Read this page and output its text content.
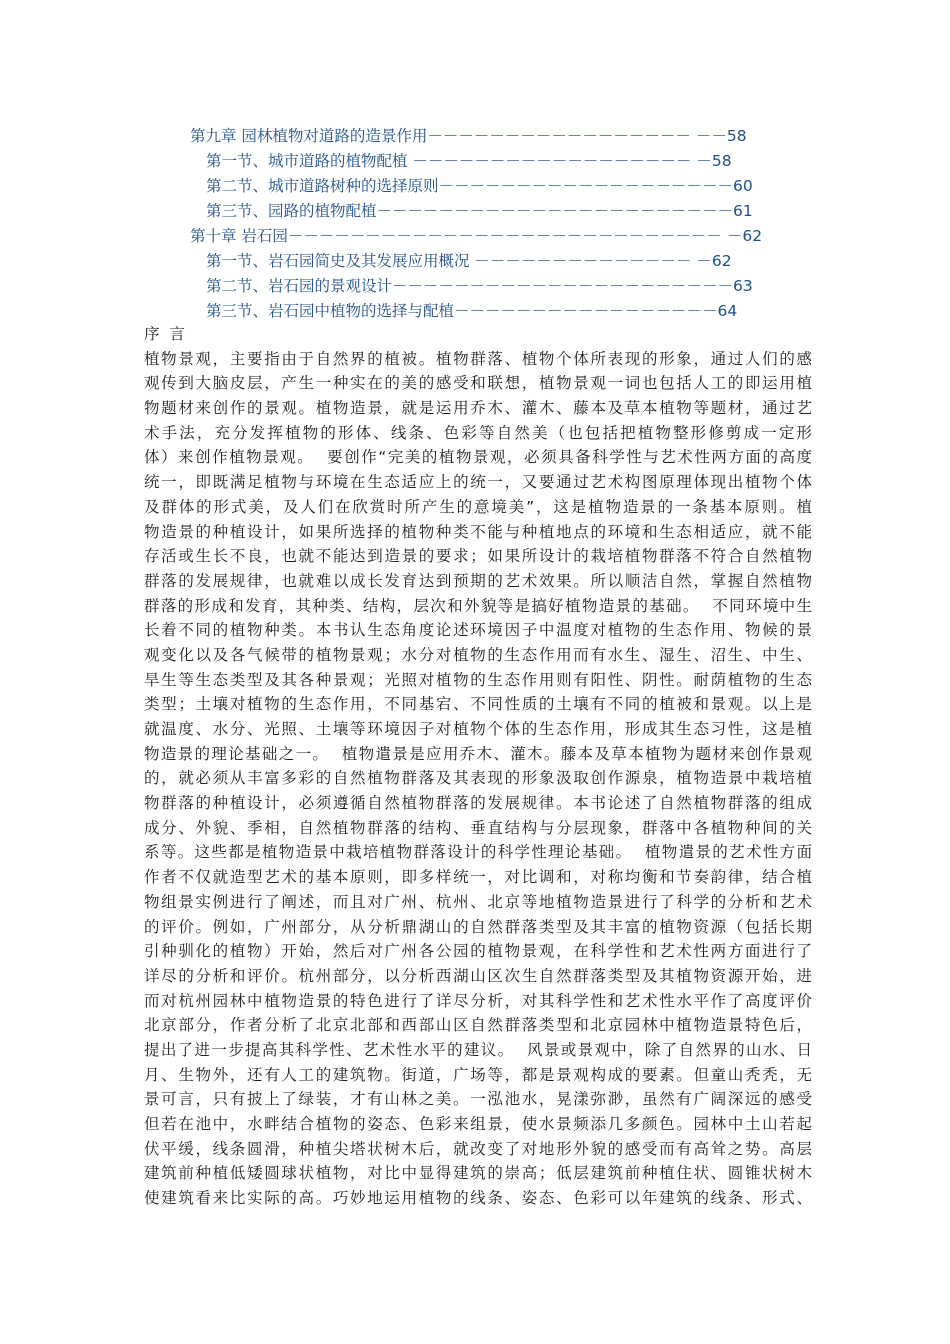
第九章 园林植物对道路的造景作用－－－－－－－－－－－－－－－－－ －－58
第一节、城市道路的植物配植 －－－－－－－－－－－－－－－－－－ －58
第二节、城市道路树种的选择原则－－－－－－－－－－－－－－－－－－－60
第三节、园路的植物配植－－－－－－－－－－－－－－－－－－－－－－－61
第十章 岩石园－－－－－－－－－－－－－－－－－－－－－－－－－－－－ －62
第一节、岩石园简史及其发展应用概况 －－－－－－－－－－－－－－ －62
第二节、岩石园的景观设计－－－－－－－－－－－－－－－－－－－－－－63
第三节、岩石园中植物的选择与配植－－－－－－－－－－－－－－－－－64
序  言
植物景观，主要指由于自然界的植被。植物群落、植物个体所表现的形象，通过人们的感
观传到大脑皮层，产生一种实在的美的感受和联想，植物景观一词也包括人工的即运用植
物题材来创作的景观。植物造景，就是运用乔木、灌木、藤本及草本植物等题材，通过艺
术手法，充分发挥植物的形体、线条、色彩等自然美（也包括把植物整形修剪成一定形
体）来创作植物景观。  要创作“完美的植物景观，必须具备科学性与艺术性两方面的高度
统一，即既满足植物与环境在生态适应上的统一，又要通过艺术构图原理体现出植物个体
及群体的形式美，及人们在欣赏时所产生的意境美”，这是植物造景的一条基本原则。植
物造景的种植设计，如果所选择的植物种类不能与种植地点的环境和生态相适应，就不能
存活或生长不良，也就不能达到造景的要求；如果所设计的栽培植物群落不符合自然植物
群落的发展规律，也就难以成长发育达到预期的艺术效果。所以顺洁自然，掌握自然植物
群落的形成和发育，其种类、结构，层次和外貌等是搞好植物造景的基础。  不同环境中生
长着不同的植物种类。本书认生态角度论述环境因子中温度对植物的生态作用、物候的景
观变化以及各气候带的植物景观；水分对植物的生态作用而有水生、湿生、沼生、中生、
旱生等生态类型及其各种景观；光照对植物的生态作用则有阳性、阴性。耐荫植物的生态
类型；土壤对植物的生态作用，不同基宕、不同性质的土壤有不同的植被和景观。以上是
就温度、水分、光照、土壤等环境因子对植物个体的生态作用，形成其生态习性，这是植
物造景的理论基础之一。  植物遣景是应用乔木、灌木。藤本及草本植物为题材来创作景观
的，就必须从丰富多彩的自然植物群落及其表现的形象汲取创作源泉，植物造景中栽培植
物群落的种植设计，必须遵循自然植物群落的发展规律。本书论述了自然植物群落的组成
成分、外貌、季相，自然植物群落的结构、垂直结构与分层现象，群落中各植物种间的关
系等。这些都是植物造景中栽培植物群落设计的科学性理论基础。  植物遣景的艺术性方面
作者不仅就造型艺术的基本原则，即多样统一，对比调和，对称均衡和节奏韵律，结合植
物组景实例进行了阐述，而且对广州、杭州、北京等地植物造景进行了科学的分析和艺术
的评价。例如，广州部分，从分析鼎湖山的自然群落类型及其丰富的植物资源（包括长期
引种驯化的植物）开始，然后对广州各公园的植物景观，在科学性和艺术性两方面进行了
详尽的分析和评价。杭州部分，以分析西湖山区次生自然群落类型及其植物资源开始，进
而对杭州园林中植物造景的特色进行了详尽分析，对其科学性和艺术性水平作了高度评价
北京部分，作者分析了北京北部和西部山区自然群落类型和北京园林中植物造景特色后，
提出了进一步提高其科学性、艺术性水平的建议。  风景或景观中，除了自然界的山水、日
月、生物外，还有人工的建筑物。街道，广场等，都是景观构成的要素。但童山秃秃，无
景可言，只有披上了绿装，才有山林之美。一泓池水，晃漾弥渺，虽然有广阔深远的感受
但若在池中，水畔结合植物的姿态、色彩来组景，使水景频添几多颜色。园林中土山若起
伏平缓，线条圆滑，种植尖塔状树木后，就改变了对地形外貌的感受而有高耸之势。高层
建筑前种植低矮圆球状植物，对比中显得建筑的崇高；低层建筑前种植住状、圆锥状树木
使建筑看来比实际的高。巧妙地运用植物的线条、姿态、色彩可以年建筑的线条、形式、
